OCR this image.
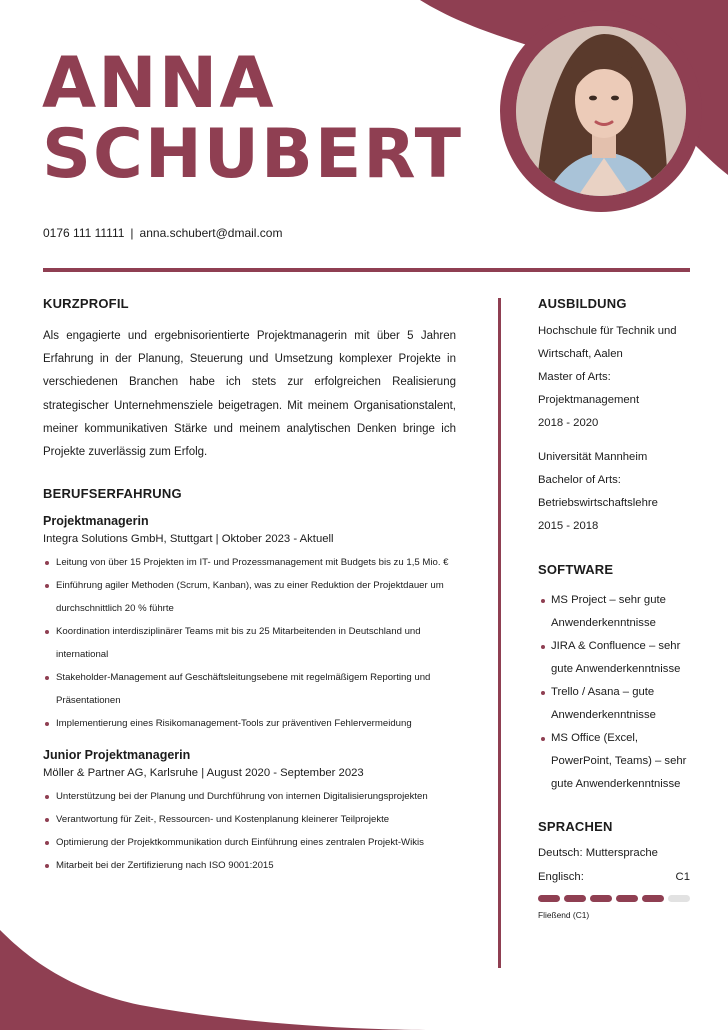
ANNA
SCHUBERT
0176 111 11111 | anna.schubert@dmail.com
KURZPROFIL

Als engagierte und ergebnisorientierte Projektmanagerin mit über 5 Jahren Erfahrung in der Planung, Steuerung und Umsetzung komplexer Projekte in verschiedenen Branchen habe ich stets zur erfolgreichen Realisierung strategischer Unternehmensziele beigetragen. Mit meinem Organisationstalent, meiner kommunikativen Stärke und meinem analytischen Denken bringe ich Projekte zuverlässig zum Erfolg.

BERUFSERFAHRUNG

Projektmanagerin

Integra Solutions GmbH, Stuttgart | Oktober 2023 - Aktuell

Leitung von über 15 Projekten im IT- und Prozessmanagement mit Budgets bis zu 1,5 Mio. €
Einführung agiler Methoden (Scrum, Kanban), was zu einer Reduktion der Projektdauer um durchschnittlich 20 % führte
Koordination interdisziplinärer Teams mit bis zu 25 Mitarbeitenden in Deutschland und international
Stakeholder-Management auf Geschäftsleitungsebene mit regelmäßigem Reporting und Präsentationen
Implementierung eines Risikomanagement-Tools zur präventiven Fehlervermeidung

Junior Projektmanagerin

Möller & Partner AG, Karlsruhe | August 2020 - September 2023

Unterstützung bei der Planung und Durchführung von internen Digitalisierungsprojekten
Verantwortung für Zeit-, Ressourcen- und Kostenplanung kleinerer Teilprojekte
Optimierung der Projektkommunikation durch Einführung eines zentralen Projekt-Wikis
Mitarbeit bei der Zertifizierung nach ISO 9001:2015
AUSBILDUNG

Hochschule für Technik und Wirtschaft, Aalen

Master of Arts: Projektmanagement

2018 - 2020

Universität Mannheim

Bachelor of Arts: Betriebswirtschaftslehre

2015 - 2018

SOFTWARE
MS Project – sehr gute Anwenderkenntnisse
JIRA & Confluence – sehr gute Anwenderkenntnisse
Trello / Asana – gute Anwenderkenntnisse
MS Office (Excel, PowerPoint, Teams) – sehr gute Anwenderkenntnisse
SPRACHEN

Deutsch: Muttersprache

Englisch:	C1
Fließend (C1)
